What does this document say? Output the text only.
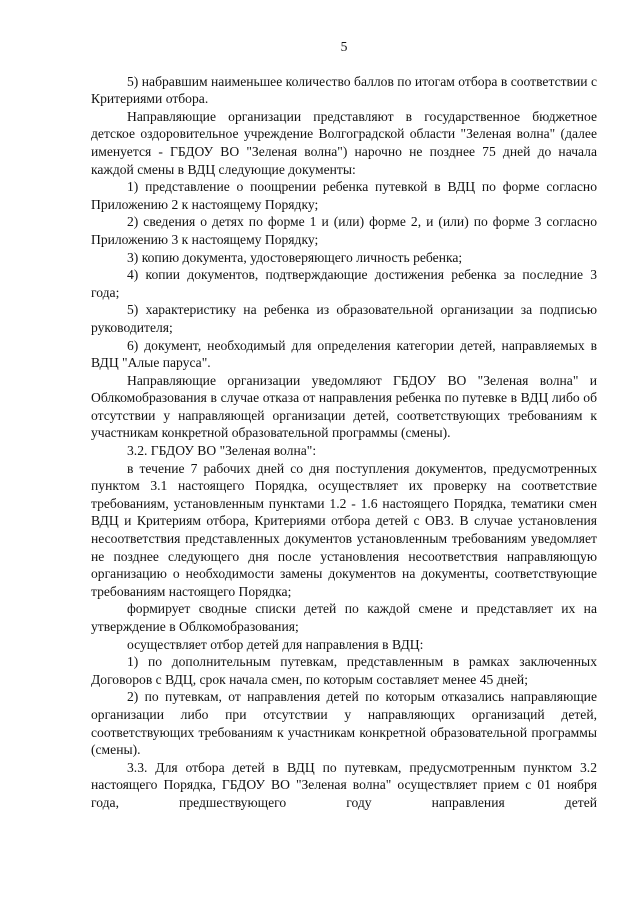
5

5) набравшим наименьшее количество баллов по итогам отбора в соответствии с Критериями отбора.

Направляющие организации представляют в государственное бюджетное детское оздоровительное учреждение Волгоградской области "Зеленая волна" (далее именуется - ГБДОУ ВО "Зеленая волна") нарочно не позднее 75 дней до начала каждой смены в ВДЦ следующие документы:

1) представление о поощрении ребенка путевкой в ВДЦ по форме согласно Приложению 2 к настоящему Порядку;

2) сведения о детях по форме 1 и (или) форме 2, и (или) по форме 3 согласно Приложению 3 к настоящему Порядку;

3) копию документа, удостоверяющего личность ребенка;

4) копии документов, подтверждающие достижения ребенка за последние 3 года;

5) характеристику на ребенка из образовательной организации за подписью руководителя;

6) документ, необходимый для определения категории детей, направляемых в ВДЦ "Алые паруса".

Направляющие организации уведомляют ГБДОУ ВО "Зеленая волна" и Облкомобразования в случае отказа от направления ребенка по путевке в ВДЦ либо об отсутствии у направляющей организации детей, соответствующих требованиям к участникам конкретной образовательной программы (смены).

3.2. ГБДОУ ВО "Зеленая волна":

в течение 7 рабочих дней со дня поступления документов, предусмотренных пунктом 3.1 настоящего Порядка, осуществляет их проверку на соответствие требованиям, установленным пунктами 1.2 - 1.6 настоящего Порядка, тематики смен ВДЦ и Критериям отбора, Критериями отбора детей с ОВЗ. В случае установления несоответствия представленных документов установленным требованиям уведомляет не позднее следующего дня после установления несоответствия направляющую организацию о необходимости замены документов на документы, соответствующие требованиям настоящего Порядка;

формирует сводные списки детей по каждой смене и представляет их на утверждение в Облкомобразования;

осуществляет отбор детей для направления в ВДЦ:

1) по дополнительным путевкам, представленным в рамках заключенных Договоров с ВДЦ, срок начала смен, по которым составляет менее 45 дней;

2) по путевкам, от направления детей по которым отказались направляющие организации либо при отсутствии у направляющих организаций детей, соответствующих требованиям к участникам конкретной образовательной программы (смены).

3.3. Для отбора детей в ВДЦ по путевкам, предусмотренным пунктом 3.2 настоящего Порядка, ГБДОУ ВО "Зеленая волна" осуществляет прием с 01 ноября года, предшествующего году направления детей
